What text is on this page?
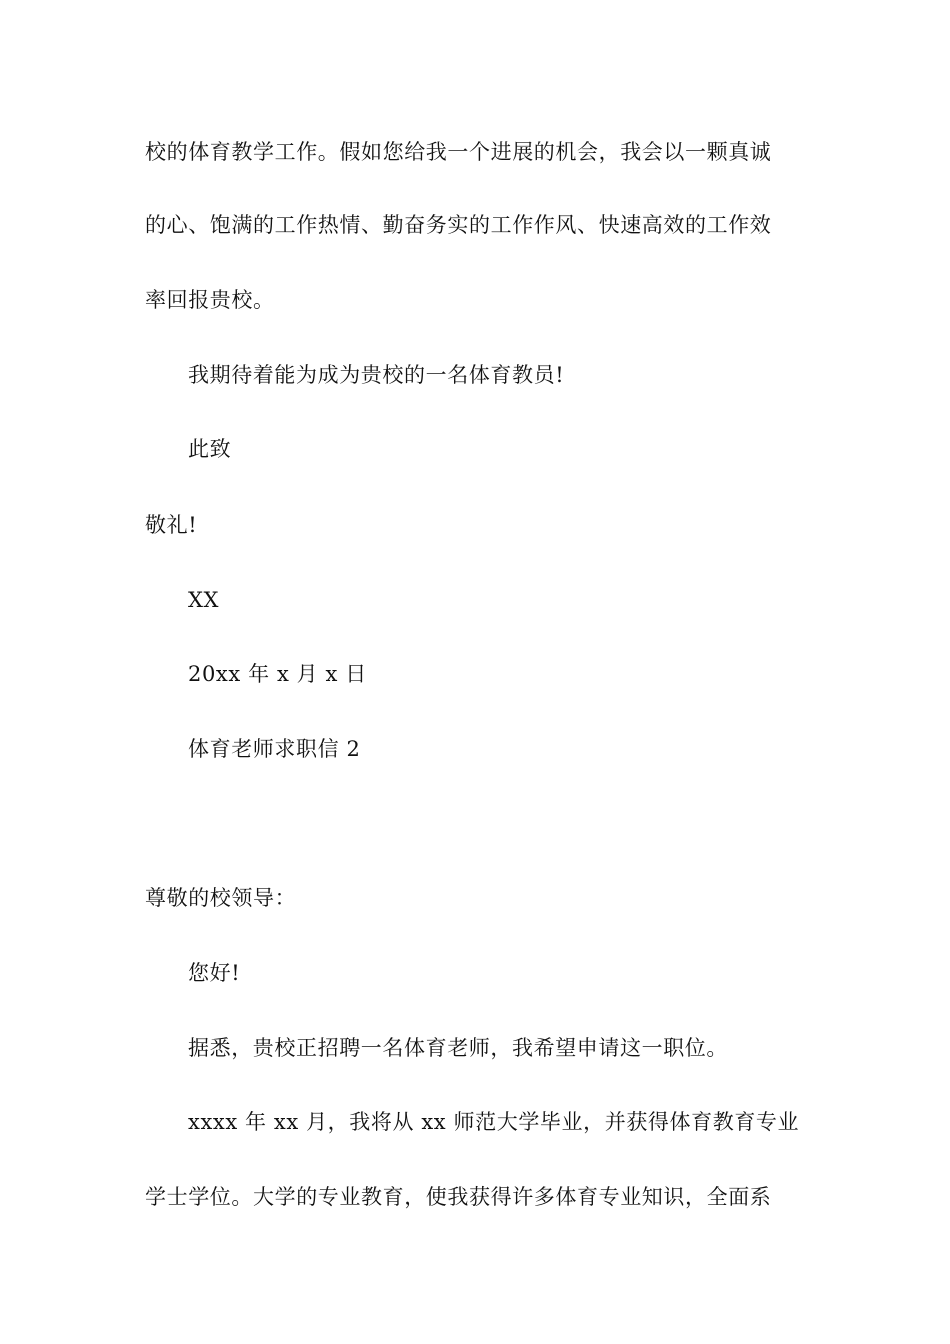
校的体育教学工作。假如您给我一个进展的机会，我会以一颗真诚
的心、饱满的工作热情、勤奋务实的工作作风、快速高效的工作效
率回报贵校。
我期待着能为成为贵校的一名体育教员!
此致
敬礼!
XX
20xx 年 x 月 x 日
体育老师求职信 2
尊敬的校领导：
您好!
据悉，贵校正招聘一名体育老师，我希望申请这一职位。
xxxx 年 xx 月，我将从 xx 师范大学毕业，并获得体育教育专业
学士学位。大学的专业教育，使我获得许多体育专业知识，全面系
